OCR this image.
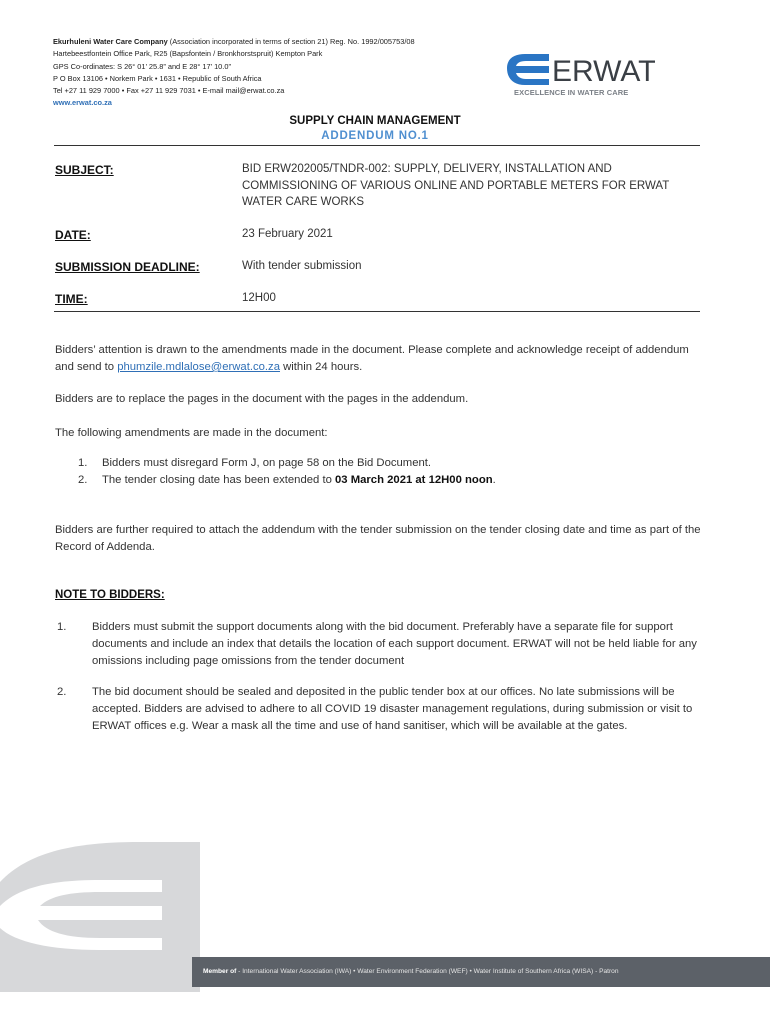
Ekurhuleni Water Care Company (Association incorporated in terms of section 21) Reg. No. 1992/005753/08
Hartebeestfontein Office Park, R25 (Bapsfontein / Bronkhorstspruit) Kempton Park
GPS Co-ordinates: S 26° 01’ 25.8” and E 28° 17’ 10.0”
P O Box 13106 • Norkem Park • 1631 • Republic of South Africa
Tel +27 11 929 7000 • Fax +27 11 929 7031 • E-mail mail@erwat.co.za
www.erwat.co.za
ERWAT
EXCELLENCE IN WATER CARE
SUPPLY CHAIN MANAGEMENT
ADDENDUM NO.1
SUBJECT:	BID ERW202005/TNDR-002: SUPPLY, DELIVERY, INSTALLATION AND COMMISSIONING OF VARIOUS ONLINE AND PORTABLE METERS FOR ERWAT WATER CARE WORKS
DATE:	23 February 2021
SUBMISSION DEADLINE:	With tender submission
TIME:	12H00
Bidders’ attention is drawn to the amendments made in the document. Please complete and acknowledge receipt of addendum and send to phumzile.mdlalose@erwat.co.za within 24 hours.
Bidders are to replace the pages in the document with the pages in the addendum.
The following amendments are made in the document:
1. Bidders must disregard Form J, on page 58 on the Bid Document.
2. The tender closing date has been extended to 03 March 2021 at 12H00 noon.
Bidders are further required to attach the addendum with the tender submission on the tender closing date and time as part of the Record of Addenda.
NOTE TO BIDDERS:
1. Bidders must submit the support documents along with the bid document. Preferably have a separate file for support documents and include an index that details the location of each support document. ERWAT will not be held liable for any omissions including page omissions from the tender document
2. The bid document should be sealed and deposited in the public tender box at our offices. No late submissions will be accepted. Bidders are advised to adhere to all COVID 19 disaster management regulations, during submission or visit to ERWAT offices e.g. Wear a mask all the time and use of hand sanitiser, which will be available at the gates.
Member of - International Water Association (IWA) • Water Environment Federation (WEF) • Water Institute of Southern Africa (WISA) - Patron
